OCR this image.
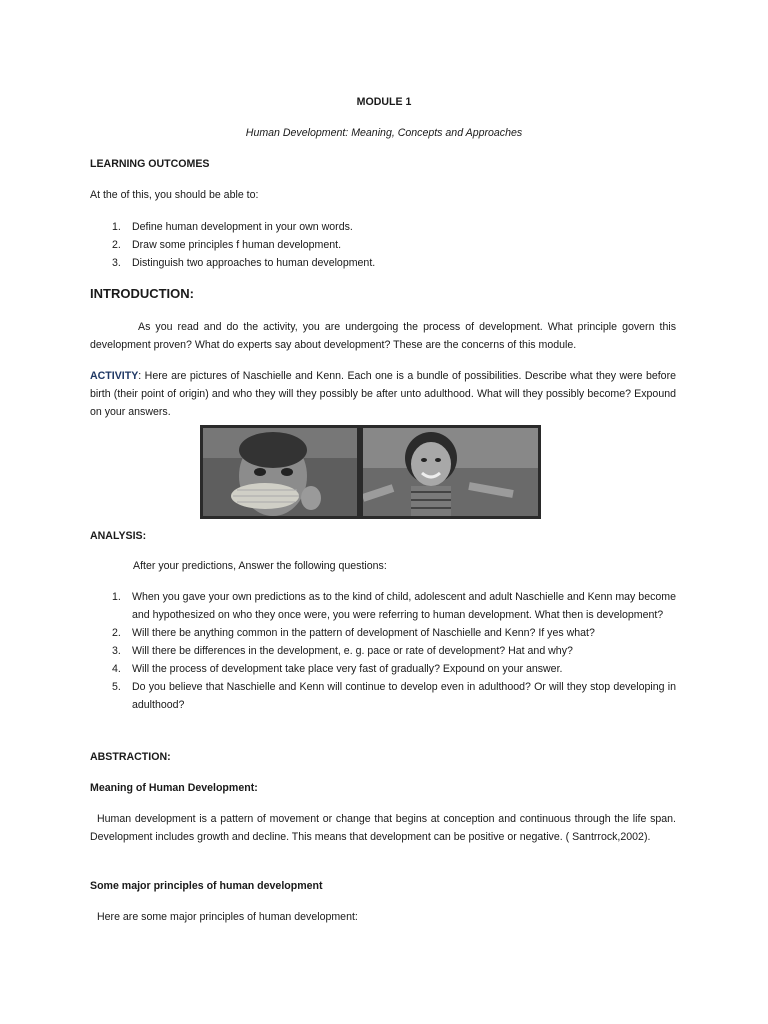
MODULE 1
Human Development: Meaning, Concepts and Approaches
LEARNING OUTCOMES
At the of this, you should be able to:
1. Define human development in your own words.
2. Draw some principles f human development.
3. Distinguish two approaches to human development.
INTRODUCTION:
As you read and do the activity, you are undergoing the process of development. What principle govern this development proven? What do experts say about development? These are the concerns of this module.
ACTIVITY: Here are pictures of Naschielle and Kenn. Each one is a bundle of possibilities. Describe what they were before birth (their point of origin) and who they will they possibly be after unto adulthood. What will they possibly become? Expound on your answers.
ANALYSIS:
After your predictions, Answer the following questions:
1. When you gave your own predictions as to the kind of child, adolescent and adult Naschielle and Kenn may become and hypothesized on who they once were, you were referring to human development. What then is development?
2. Will there be anything common in the pattern of development of Naschielle and Kenn? If yes what?
3. Will there be differences in the development, e. g. pace or rate of development? Hat and why?
4. Will the process of development take place very fast of gradually? Expound on your answer.
5. Do you believe that Naschielle and Kenn will continue to develop even in adulthood? Or will they stop developing in adulthood?
ABSTRACTION:
Meaning of Human Development:
Human development is a pattern of movement or change that begins at conception and continuous through the life span. Development includes growth and decline. This means that development can be positive or negative. ( Santrrock,2002).
Some major principles of human development
Here are some major principles of human development:
